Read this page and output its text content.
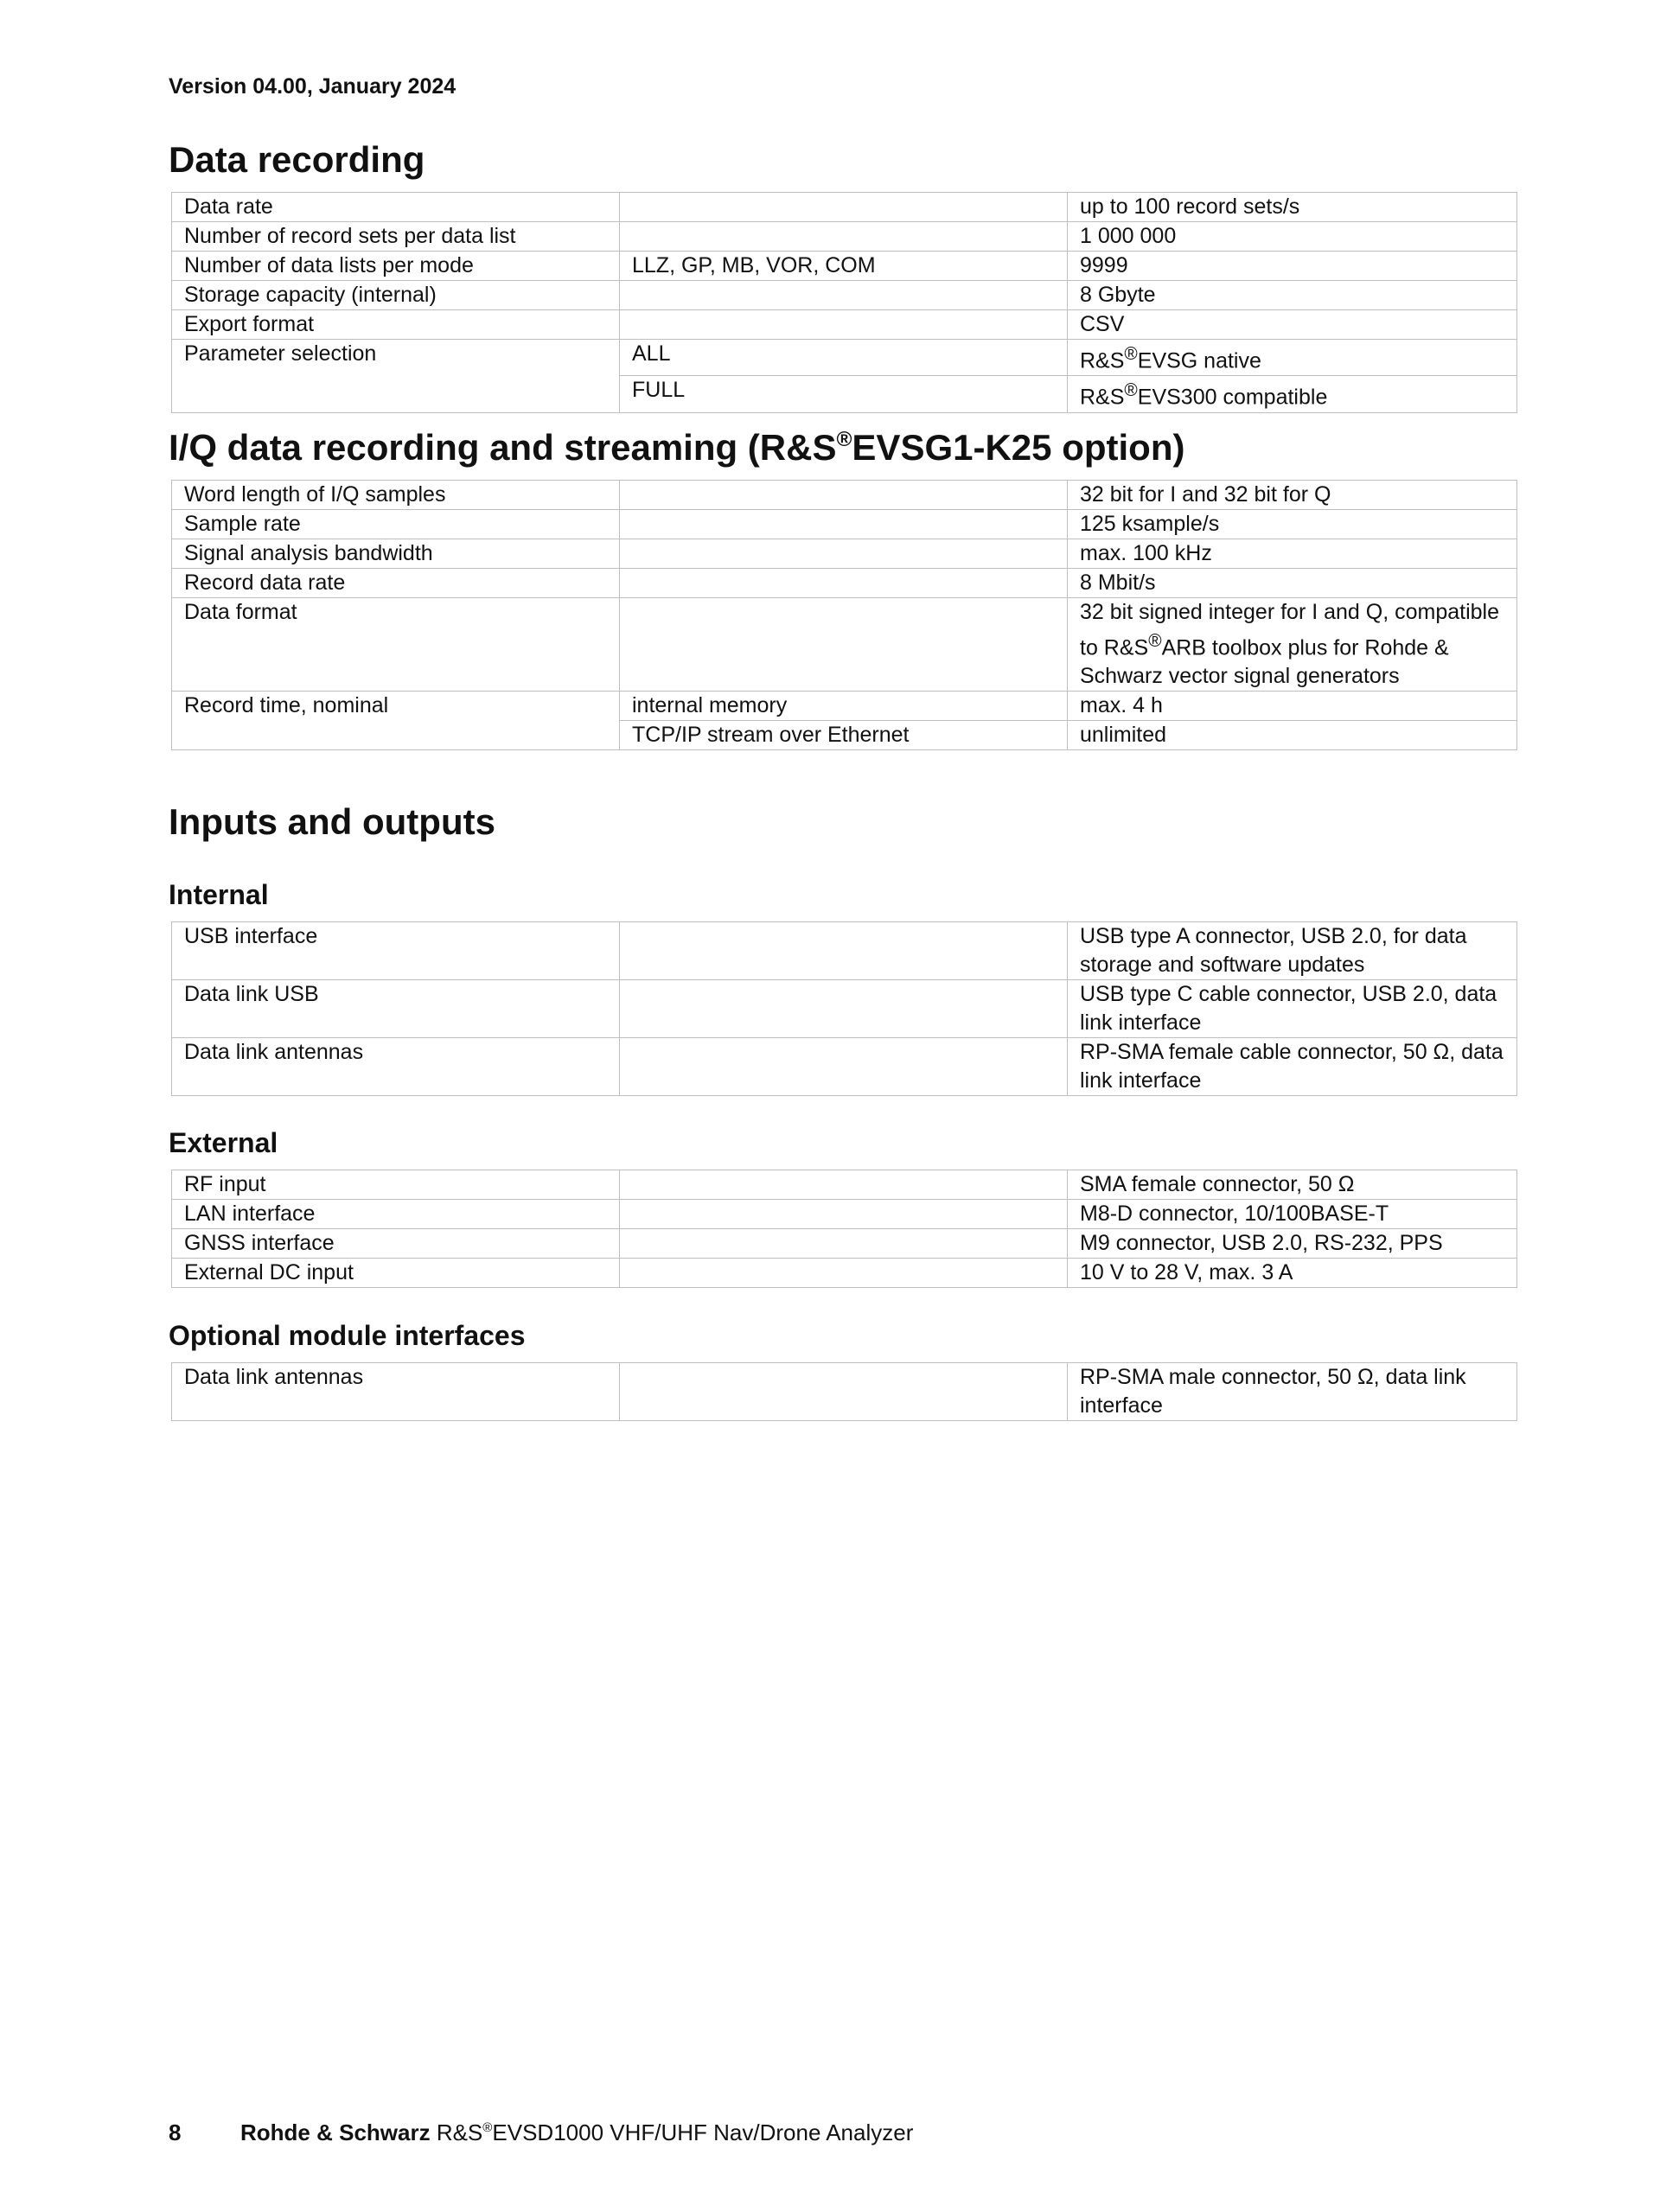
Version 04.00, January 2024
Data recording
Data rate		up to 100 record sets/s
Number of record sets per data list		1 000 000
Number of data lists per mode	LLZ, GP, MB, VOR, COM	9999
Storage capacity (internal)		8 Gbyte
Export format		CSV
Parameter selection	ALL	R&S®EVSG native
	FULL	R&S®EVS300 compatible
I/Q data recording and streaming (R&S®EVSG1-K25 option)
Word length of I/Q samples		32 bit for I and 32 bit for Q
Sample rate		125 ksample/s
Signal analysis bandwidth		max. 100 kHz
Record data rate		8 Mbit/s
Data format		32 bit signed integer for I and Q, compatible to R&S®ARB toolbox plus for Rohde & Schwarz vector signal generators
Record time, nominal	internal memory	max. 4 h
	TCP/IP stream over Ethernet	unlimited
Inputs and outputs
Internal
USB interface		USB type A connector, USB 2.0, for data storage and software updates
Data link USB		USB type C cable connector, USB 2.0, data link interface
Data link antennas		RP-SMA female cable connector, 50 Ω, data link interface
External
RF input		SMA female connector, 50 Ω
LAN interface		M8-D connector, 10/100BASE-T
GNSS interface		M9 connector, USB 2.0, RS-232, PPS
External DC input		10 V to 28 V, max. 3 A
Optional module interfaces
Data link antennas		RP-SMA male connector, 50 Ω, data link interface
8	Rohde & Schwarz R&S®EVSD1000 VHF/UHF Nav/Drone Analyzer
